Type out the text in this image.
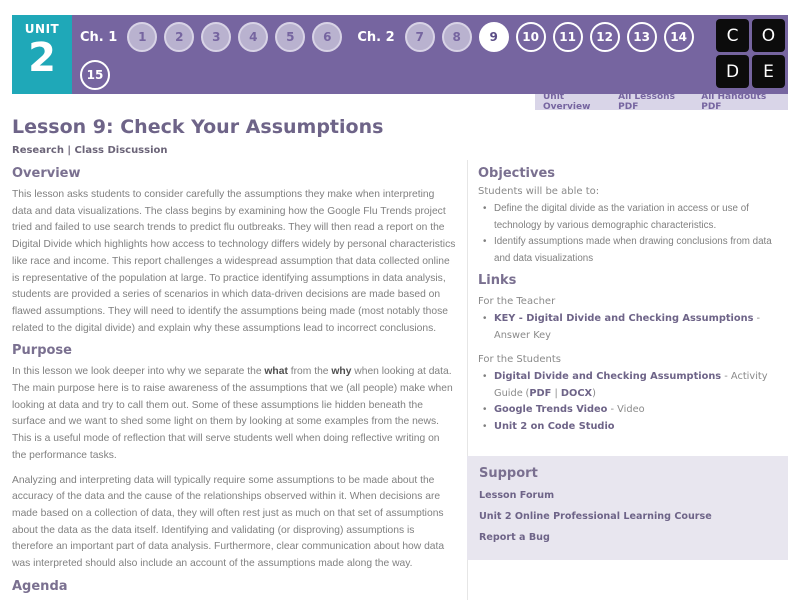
UNIT
2	Ch. 1	1	2	3	4	5	6	Ch. 2	7	8	9	10	11	12	13	14
15
C	O
D	E
Unit Overview
All Lessons PDF
All Handouts PDF
Lesson 9: Check Your Assumptions
Research | Class Discussion
Overview

This lesson asks students to consider carefully the assumptions they make when interpreting data and data visualizations. The class begins by examining how the Google Flu Trends project tried and failed to use search trends to predict flu outbreaks. They will then read a report on the Digital Divide which highlights how access to technology differs widely by personal characteristics like race and income. This report challenges a widespread assumption that data collected online is representative of the population at large. To practice identifying assumptions in data analysis, students are provided a series of scenarios in which data-driven decisions are made based on flawed assumptions. They will need to identify the assumptions being made (most notably those related to the digital divide) and explain why these assumptions lead to incorrect conclusions.

Purpose

In this lesson we look deeper into why we separate the what from the why when looking at data. The main purpose here is to raise awareness of the assumptions that we (all people) make when looking at data and try to call them out. Some of these assumptions lie hidden beneath the surface and we want to shed some light on them by looking at some examples from the news. This is a useful mode of reflection that will serve students well when doing reflective writing on the performance tasks.

Analyzing and interpreting data will typically require some assumptions to be made about the accuracy of the data and the cause of the relationships observed within it. When decisions are made based on a collection of data, they will often rest just as much on that set of assumptions about the data as the data itself. Identifying and validating (or disproving) assumptions is therefore an important part of data analysis. Furthermore, clear communication about how data was interpreted should also include an account of the assumptions made along the way.

Agenda
Objectives
Students will be able to:
• Define the digital divide as the variation in access or use of technology by various demographic characteristics.
• Identify assumptions made when drawing conclusions from data and data visualizations
Links
For the Teacher
• KEY - Digital Divide and Checking Assumptions - Answer Key
For the Students
• Digital Divide and Checking Assumptions - Activity Guide (PDF | DOCX)
• Google Trends Video - Video
• Unit 2 on Code Studio
Support
Lesson Forum
Unit 2 Online Professional Learning Course
Report a Bug
